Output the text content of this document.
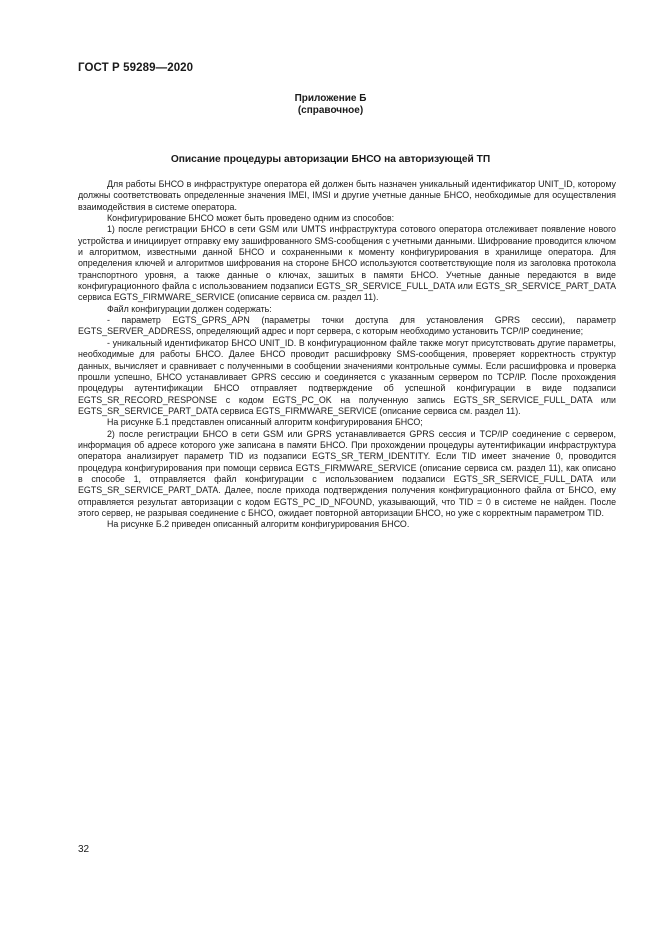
ГОСТ Р 59289—2020
Приложение Б
(справочное)
Описание процедуры авторизации БНСО на авторизующей ТП

Для работы БНСО в инфраструктуре оператора ей должен быть назначен уникальный идентификатор UNIT_ID, которому должны соответствовать определенные значения IMEI, IMSI и другие учетные данные БНСО, необходимые для осуществления взаимодействия в системе оператора.

Конфигурирование БНСО может быть проведено одним из способов:

1) после регистрации БНСО в сети GSM или UMTS инфраструктура сотового оператора отслеживает появление нового устройства и инициирует отправку ему зашифрованного SMS-сообщения с учетными данными. Шифрование проводится ключом и алгоритмом, известными данной БНСО и сохраненными к моменту конфигурирования в хранилище оператора. Для определения ключей и алгоритмов шифрования на стороне БНСО используются соответствующие поля из заголовка протокола транспортного уровня, а также данные о ключах, зашитых в памяти БНСО. Учетные данные передаются в виде конфигурационного файла с использованием подзаписи EGTS_SR_SERVICE_FULL_DATA или EGTS_SR_SERVICE_PART_DATA сервиса EGTS_FIRMWARE_SERVICE (описание сервиса см. раздел 11).

Файл конфигурации должен содержать:

- параметр EGTS_GPRS_APN (параметры точки доступа для установления GPRS сессии), параметр EGTS_SERVER_ADDRESS, определяющий адрес и порт сервера, с которым необходимо установить TCP/IP соединение;

- уникальный идентификатор БНСО UNIT_ID. В конфигурационном файле также могут присутствовать другие параметры, необходимые для работы БНСО. Далее БНСО проводит расшифровку SMS-сообщения, проверяет корректность структур данных, вычисляет и сравнивает с полученными в сообщении значениями контрольные суммы. Если расшифровка и проверка прошли успешно, БНСО устанавливает GPRS сессию и соединяется с указанным сервером по TCP/IP. После прохождения процедуры аутентификации БНСО отправляет подтверждение об успешной конфигурации в виде подзаписи EGTS_SR_RECORD_RESPONSE с кодом EGTS_PC_OK на полученную запись EGTS_SR_SERVICE_FULL_DATA или EGTS_SR_SERVICE_PART_DATA сервиса EGTS_FIRMWARE_SERVICE (описание сервиса см. раздел 11).

На рисунке Б.1 представлен описанный алгоритм конфигурирования БНСО;

2) после регистрации БНСО в сети GSM или GPRS устанавливается GPRS сессия и TCP/IP соединение с сервером, информация об адресе которого уже записана в памяти БНСО. При прохождении процедуры аутентификации инфраструктура оператора анализирует параметр TID из подзаписи EGTS_SR_TERM_IDENTITY. Если TID имеет значение 0, проводится процедура конфигурирования при помощи сервиса EGTS_FIRMWARE_SERVICE (описание сервиса см. раздел 11), как описано в способе 1, отправляется файл конфигурации с использованием подзаписи EGTS_SR_SERVICE_FULL_DATA или EGTS_SR_SERVICE_PART_DATA. Далее, после прихода подтверждения получения конфигурационного файла от БНСО, ему отправляется результат авторизации с кодом EGTS_PC_ID_NFOUND, указывающий, что TID = 0 в системе не найден. После этого сервер, не разрывая соединение с БНСО, ожидает повторной авторизации БНСО, но уже с корректным параметром TID.

На рисунке Б.2 приведен описанный алгоритм конфигурирования БНСО.

32
